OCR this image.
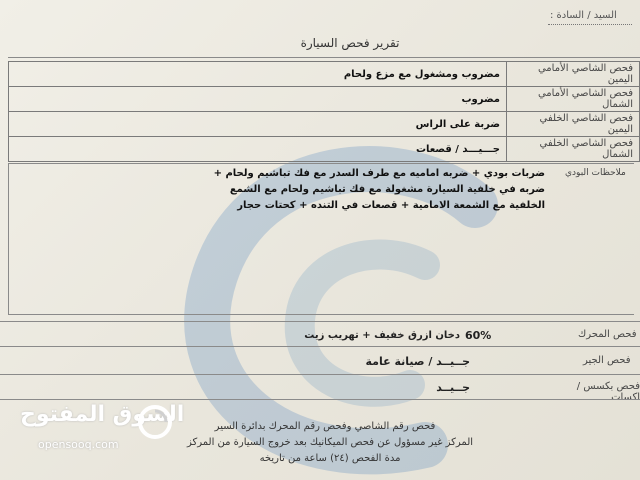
السيد / السادة :
تقرير فحص السيارة
مضروب ومشغول مع مزع ولحام	فحص الشاصي الأمامي اليمين
مضروب	فحص الشاصي الأمامي الشمال
ضربة على الراس	فحص الشاصي الخلفي اليمين
جـــيـــد / قصعات	فحص الشاصي الخلفي الشمال
ملاحظات البودي
ضربات بودي + ضربه اماميه مع طرف السدر مع فك تباشيم ولحام + ضربه في خلفية السيارة مشغولة مع فك تباشيم ولحام مع الشمع الخلفية مع الشمعة الامامية + قصعات في التنده + كحتات حجار
فحص المحرك
دخان ازرق خفيف + تهريب زيت 60%
فحص الجير
جــيــد / صيانة عامة
فحص بكسس / اكسات
جــيــد
فحص رقم الشاصي وفحص رقم المحرك بدائرة السير
المركز غير مسؤول عن فحص الميكانيك بعد خروج السيارة من المركز
مدة الفحص (٢٤) ساعة من تاريخه
السوق المفتوح
opensooq.com
